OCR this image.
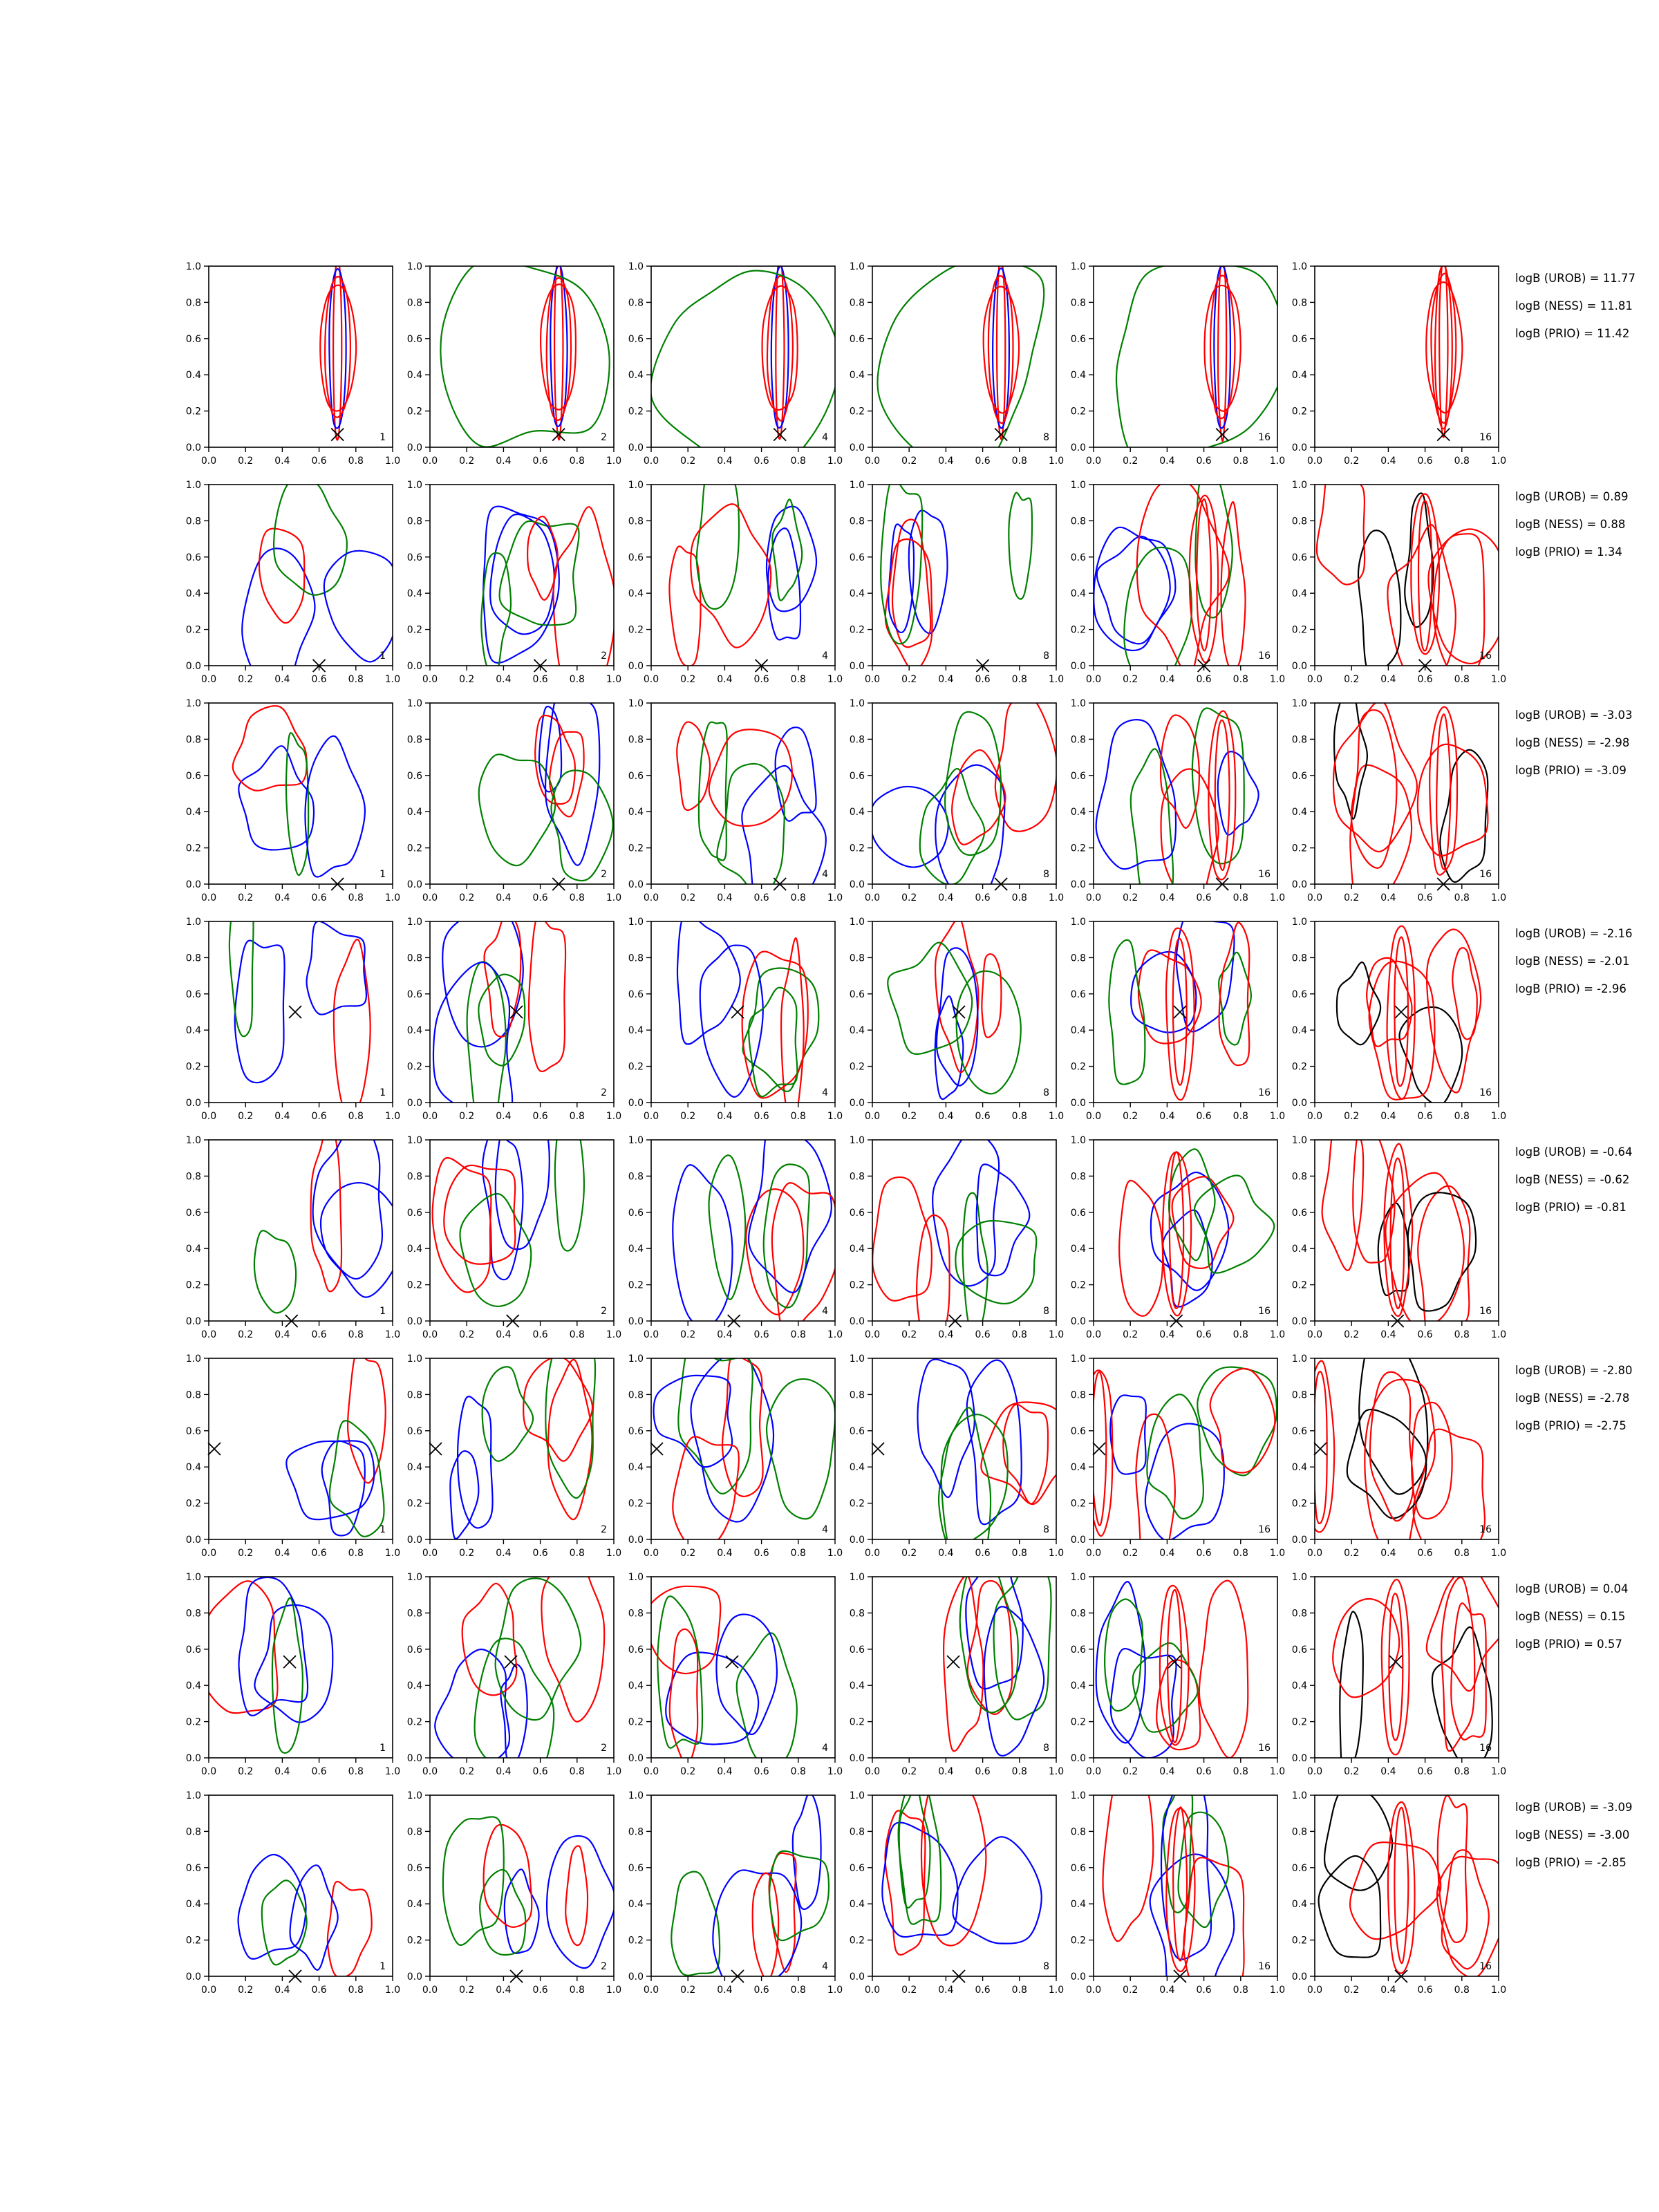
0.0 0.2 0.4 0.6 0.8 1.0
0.0
0.2
0.4
0.6
0.8
1.0
1
0.0 0.2 0.4 0.6 0.8 1.0
0.0
0.2
0.4
0.6
0.8
1.0
2
0.0 0.2 0.4 0.6 0.8 1.0
0.0
0.2
0.4
0.6
0.8
1.0
4
0.0 0.2 0.4 0.6 0.8 1.0
0.0
0.2
0.4
0.6
0.8
1.0
8
0.0 0.2 0.4 0.6 0.8 1.0
0.0
0.2
0.4
0.6
0.8
1.0
16
0.0 0.2 0.4 0.6 0.8 1.0
0.0
0.2
0.4
0.6
0.8
1.0
16
logB (UROB) = 11.77
logB (NESS) = 11.81
logB (PRIO) = 11.42
0.0 0.2 0.4 0.6 0.8 1.0
0.0
0.2
0.4
0.6
0.8
1.0
1
0.0 0.2 0.4 0.6 0.8 1.0
0.0
0.2
0.4
0.6
0.8
1.0
2
0.0 0.2 0.4 0.6 0.8 1.0
0.0
0.2
0.4
0.6
0.8
1.0
4
0.0 0.2 0.4 0.6 0.8 1.0
0.0
0.2
0.4
0.6
0.8
1.0
8
0.0 0.2 0.4 0.6 0.8 1.0
0.0
0.2
0.4
0.6
0.8
1.0
16
0.0 0.2 0.4 0.6 0.8 1.0
0.0
0.2
0.4
0.6
0.8
1.0
16
logB (UROB) = 0.89
logB (NESS) = 0.88
logB (PRIO) = 1.34
0.0 0.2 0.4 0.6 0.8 1.0
0.0
0.2
0.4
0.6
0.8
1.0
1
0.0 0.2 0.4 0.6 0.8 1.0
0.0
0.2
0.4
0.6
0.8
1.0
2
0.0 0.2 0.4 0.6 0.8 1.0
0.0
0.2
0.4
0.6
0.8
1.0
4
0.0 0.2 0.4 0.6 0.8 1.0
0.0
0.2
0.4
0.6
0.8
1.0
8
0.0 0.2 0.4 0.6 0.8 1.0
0.0
0.2
0.4
0.6
0.8
1.0
16
0.0 0.2 0.4 0.6 0.8 1.0
0.0
0.2
0.4
0.6
0.8
1.0
16
logB (UROB) = -3.03
logB (NESS) = -2.98
logB (PRIO) = -3.09
0.0 0.2 0.4 0.6 0.8 1.0
0.0
0.2
0.4
0.6
0.8
1.0
1
0.0 0.2 0.4 0.6 0.8 1.0
0.0
0.2
0.4
0.6
0.8
1.0
2
0.0 0.2 0.4 0.6 0.8 1.0
0.0
0.2
0.4
0.6
0.8
1.0
4
0.0 0.2 0.4 0.6 0.8 1.0
0.0
0.2
0.4
0.6
0.8
1.0
8
0.0 0.2 0.4 0.6 0.8 1.0
0.0
0.2
0.4
0.6
0.8
1.0
16
0.0 0.2 0.4 0.6 0.8 1.0
0.0
0.2
0.4
0.6
0.8
1.0
16
logB (UROB) = -2.16
logB (NESS) = -2.01
logB (PRIO) = -2.96
0.0 0.2 0.4 0.6 0.8 1.0
0.0
0.2
0.4
0.6
0.8
1.0
1
0.0 0.2 0.4 0.6 0.8 1.0
0.0
0.2
0.4
0.6
0.8
1.0
2
0.0 0.2 0.4 0.6 0.8 1.0
0.0
0.2
0.4
0.6
0.8
1.0
4
0.0 0.2 0.4 0.6 0.8 1.0
0.0
0.2
0.4
0.6
0.8
1.0
8
0.0 0.2 0.4 0.6 0.8 1.0
0.0
0.2
0.4
0.6
0.8
1.0
16
0.0 0.2 0.4 0.6 0.8 1.0
0.0
0.2
0.4
0.6
0.8
1.0
16
logB (UROB) = -0.64
logB (NESS) = -0.62
logB (PRIO) = -0.81
0.0 0.2 0.4 0.6 0.8 1.0
0.0
0.2
0.4
0.6
0.8
1.0
1
0.0 0.2 0.4 0.6 0.8 1.0
0.0
0.2
0.4
0.6
0.8
1.0
2
0.0 0.2 0.4 0.6 0.8 1.0
0.0
0.2
0.4
0.6
0.8
1.0
4
0.0 0.2 0.4 0.6 0.8 1.0
0.0
0.2
0.4
0.6
0.8
1.0
8
0.0 0.2 0.4 0.6 0.8 1.0
0.0
0.2
0.4
0.6
0.8
1.0
16
0.0 0.2 0.4 0.6 0.8 1.0
0.0
0.2
0.4
0.6
0.8
1.0
16
logB (UROB) = -2.80
logB (NESS) = -2.78
logB (PRIO) = -2.75
0.0 0.2 0.4 0.6 0.8 1.0
0.0
0.2
0.4
0.6
0.8
1.0
1
0.0 0.2 0.4 0.6 0.8 1.0
0.0
0.2
0.4
0.6
0.8
1.0
2
0.0 0.2 0.4 0.6 0.8 1.0
0.0
0.2
0.4
0.6
0.8
1.0
4
0.0 0.2 0.4 0.6 0.8 1.0
0.0
0.2
0.4
0.6
0.8
1.0
8
0.0 0.2 0.4 0.6 0.8 1.0
0.0
0.2
0.4
0.6
0.8
1.0
16
0.0 0.2 0.4 0.6 0.8 1.0
0.0
0.2
0.4
0.6
0.8
1.0
16
logB (UROB) = 0.04
logB (NESS) = 0.15
logB (PRIO) = 0.57
0.0 0.2 0.4 0.6 0.8 1.0
0.0
0.2
0.4
0.6
0.8
1.0
1
0.0 0.2 0.4 0.6 0.8 1.0
0.0
0.2
0.4
0.6
0.8
1.0
2
0.0 0.2 0.4 0.6 0.8 1.0
0.0
0.2
0.4
0.6
0.8
1.0
4
0.0 0.2 0.4 0.6 0.8 1.0
0.0
0.2
0.4
0.6
0.8
1.0
8
0.0 0.2 0.4 0.6 0.8 1.0
0.0
0.2
0.4
0.6
0.8
1.0
16
0.0 0.2 0.4 0.6 0.8 1.0
0.0
0.2
0.4
0.6
0.8
1.0
16
logB (UROB) = -3.09
logB (NESS) = -3.00
logB (PRIO) = -2.85
